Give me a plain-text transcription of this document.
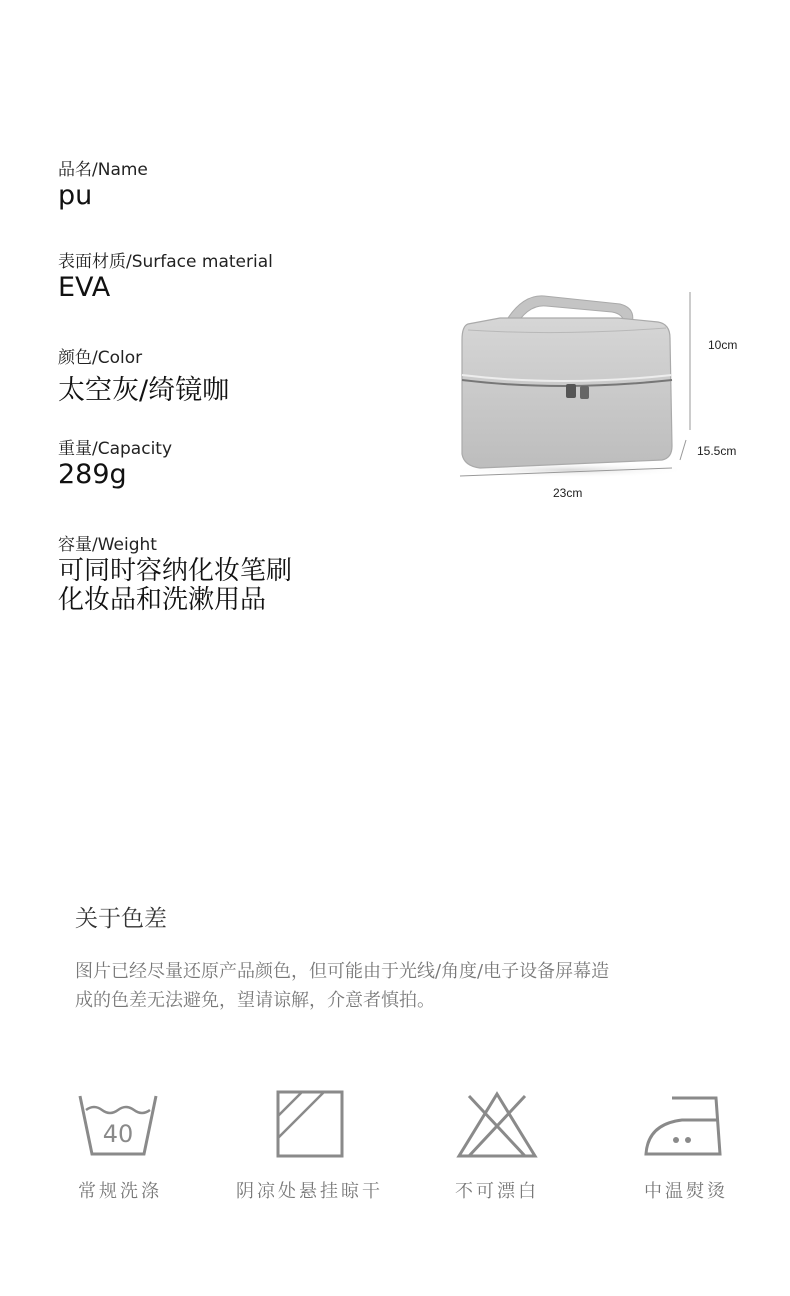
品名/Name
pu
表面材质/Surface material
EVA
颜色/Color
太空灰/绮镜咖
重量/Capacity
289g
容量/Weight
可同时容纳化妆笔刷
化妆品和洗漱用品
10cm
15.5cm
23cm
关于色差
图片已经尽量还原产品颜色，但可能由于光线/角度/电子设备屏幕造
成的色差无法避免，望请谅解，介意者慎拍。
40
常规洗涤	阴凉处悬挂晾干	不可漂白	中温熨烫
